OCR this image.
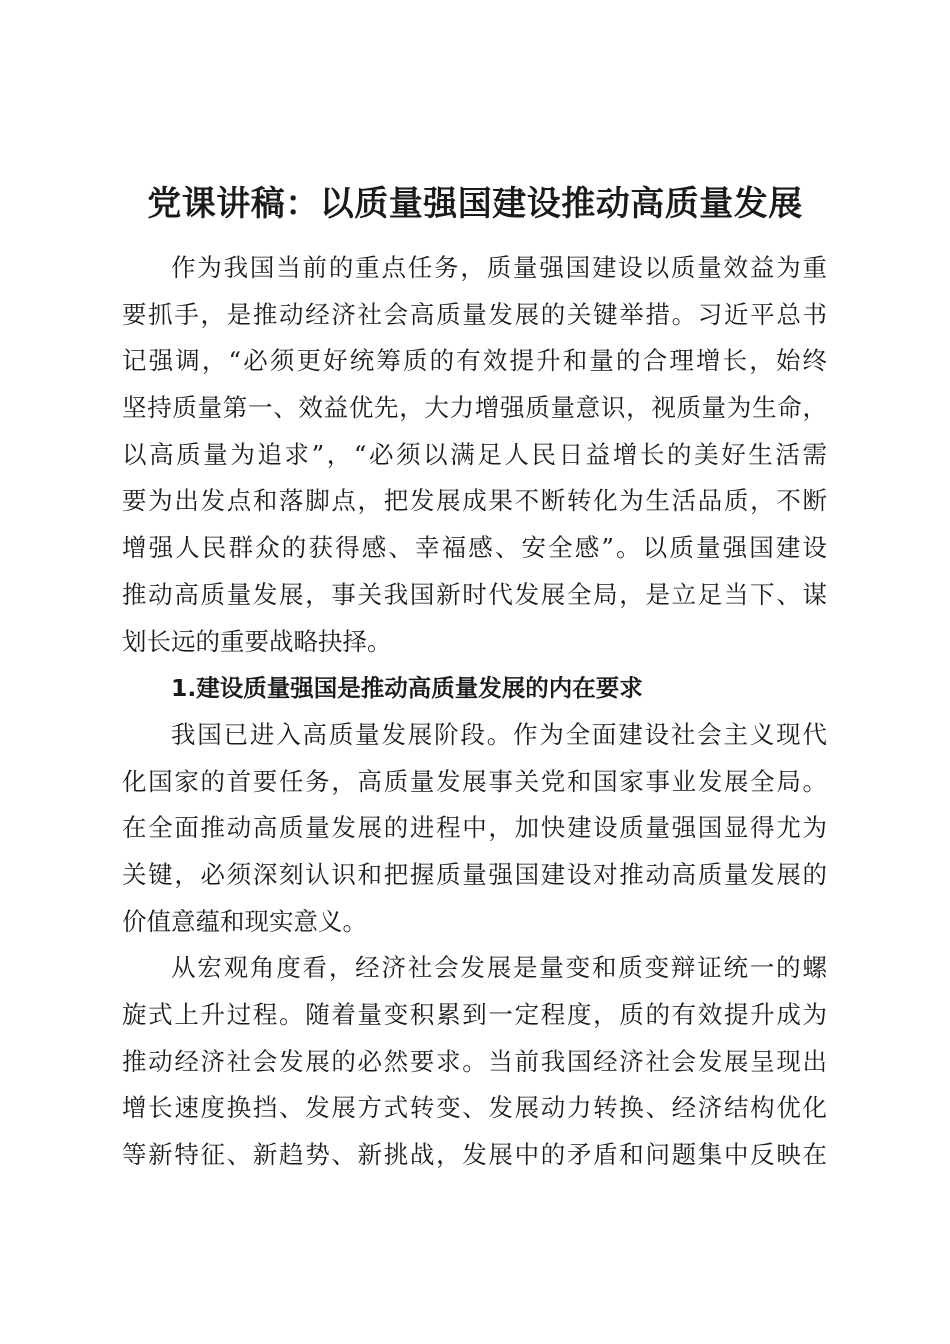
党课讲稿：以质量强国建设推动高质量发展
作为我国当前的重点任务，质量强国建设以质量效益为重
要抓手，是推动经济社会高质量发展的关键举措。习近平总书
记强调，“必须更好统筹质的有效提升和量的合理增长，始终
坚持质量第一、效益优先，大力增强质量意识，视质量为生命，
以高质量为追求”，“必须以满足人民日益增长的美好生活需
要为出发点和落脚点，把发展成果不断转化为生活品质，不断
增强人民群众的获得感、幸福感、安全感”。以质量强国建设
推动高质量发展，事关我国新时代发展全局，是立足当下、谋
划长远的重要战略抉择。
1.建设质量强国是推动高质量发展的内在要求
我国已进入高质量发展阶段。作为全面建设社会主义现代
化国家的首要任务，高质量发展事关党和国家事业发展全局。
在全面推动高质量发展的进程中，加快建设质量强国显得尤为
关键，必须深刻认识和把握质量强国建设对推动高质量发展的
价值意蕴和现实意义。
从宏观角度看，经济社会发展是量变和质变辩证统一的螺
旋式上升过程。随着量变积累到一定程度，质的有效提升成为
推动经济社会发展的必然要求。当前我国经济社会发展呈现出
增长速度换挡、发展方式转变、发展动力转换、经济结构优化
等新特征、新趋势、新挑战，发展中的矛盾和问题集中反映在
